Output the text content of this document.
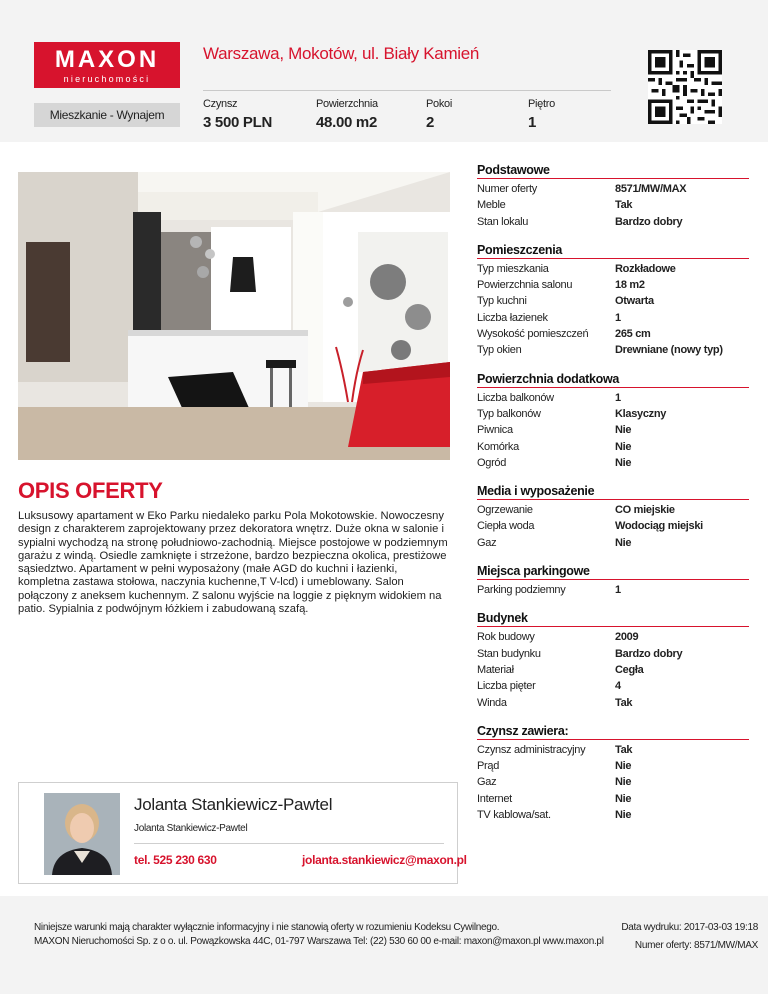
MAXON
nieruchomości
Warszawa, Mokotów, ul. Biały Kamień
Mieszkanie - Wynajem
Czynsz
3 500 PLN
Powierzchnia
48.00 m2
Pokoi
2
Piętro
1
OPIS OFERTY
Luksusowy apartament w Eko Parku niedaleko parku Pola Mokotowskie. Nowoczesny design z charakterem zaprojektowany przez dekoratora wnętrz. Duże okna w salonie i sypialni wychodzą na stronę południowo-zachodnią. Miejsce postojowe w podziemnym garażu z windą. Osiedle zamknięte i strzeżone, bardzo bezpieczna okolica, prestiżowe sąsiedztwo. Apartament w pełni wyposażony (małe AGD do kuchni i łazienki, kompletna zastawa stołowa, naczynia kuchenne,T V-lcd) i umeblowany. Salon połączony z aneksem kuchennym. Z salonu wyjście na loggie z pięknym widokiem na patio. Sypialnia z podwójnym łóżkiem i zabudowaną szafą.
Jolanta Stankiewicz-Pawtel
Jolanta Stankiewicz-Pawtel
tel. 525 230 630	jolanta.stankiewicz@maxon.pl
Podstawowe
Numer oferty	8571/MW/MAX
Meble	Tak
Stan lokalu	Bardzo dobry
Pomieszczenia
Typ mieszkania	Rozkładowe
Powierzchnia salonu	18 m2
Typ kuchni	Otwarta
Liczba łazienek	1
Wysokość pomieszczeń	265 cm
Typ okien	Drewniane (nowy typ)
Powierzchnia dodatkowa
Liczba balkonów	1
Typ balkonów	Klasyczny
Piwnica	Nie
Komórka	Nie
Ogród	Nie
Media i wyposażenie
Ogrzewanie	CO miejskie
Ciepła woda	Wodociąg miejski
Gaz	Nie
Miejsca parkingowe
Parking podziemny	1
Budynek
Rok budowy	2009
Stan budynku	Bardzo dobry
Materiał	Cegła
Liczba pięter	4
Winda	Tak
Czynsz zawiera:
Czynsz administracyjny	Tak
Prąd	Nie
Gaz	Nie
Internet	Nie
TV kablowa/sat.	Nie
Niniejsze warunki mają charakter wyłącznie informacyjny i nie stanowią oferty w rozumieniu Kodeksu Cywilnego.
MAXON Nieruchomości Sp. z o o. ul. Powązkowska 44C, 01-797 Warszawa Tel: (22) 530 60 00 e-mail: maxon@maxon.pl www.maxon.pl
Data wydruku: 2017-03-03 19:18
Numer oferty: 8571/MW/MAX
